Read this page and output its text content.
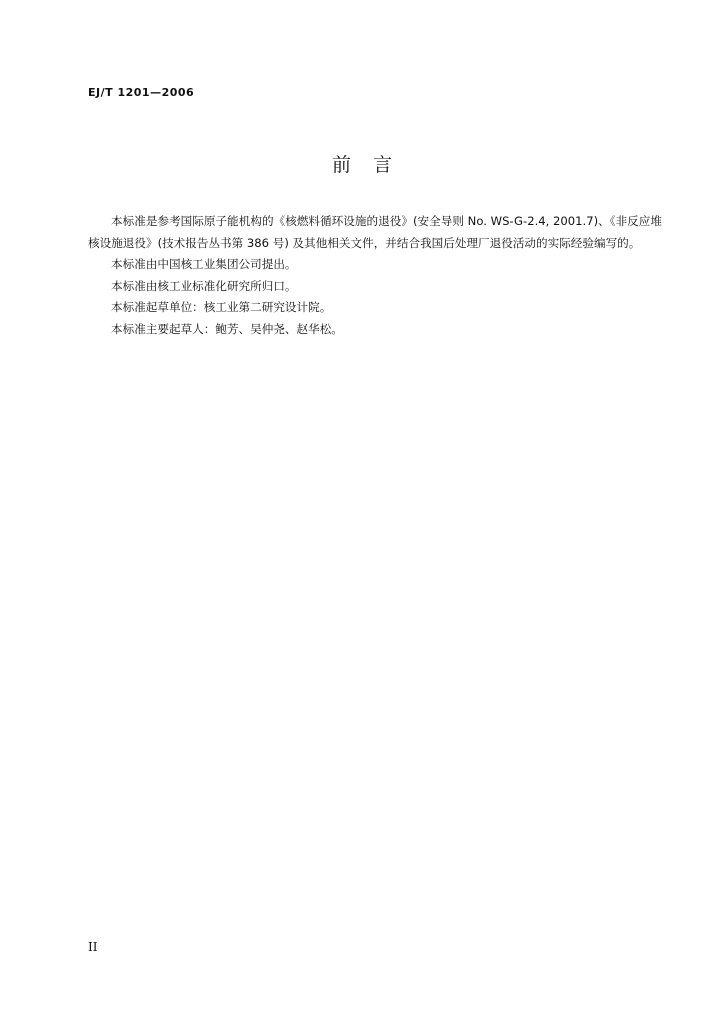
EJ/T 1201—2006
前 言

本标准是参考国际原子能机构的《核燃料循环设施的退役》(安全导则 No. WS-G-2.4, 2001.7)、《非反应堆核设施退役》(技术报告丛书第 386 号) 及其他相关文件，并结合我国后处理厂退役活动的实际经验编写的。

本标准由中国核工业集团公司提出。

本标准由核工业标准化研究所归口。

本标准起草单位：核工业第二研究设计院。

本标准主要起草人：鲍芳、吴仲尧、赵华松。

II
